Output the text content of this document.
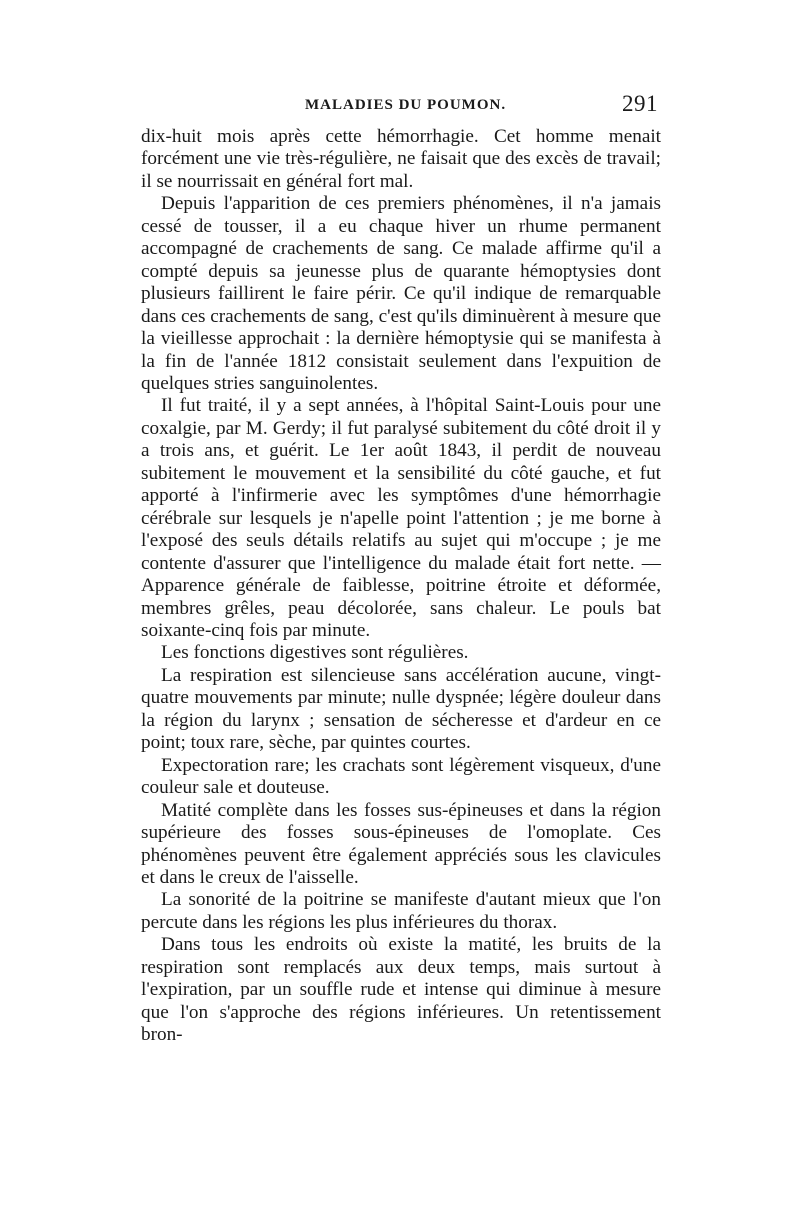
MALADIES DU POUMON.	291

dix-huit mois après cette hémorrhagie. Cet homme menait forcément une vie très-régulière, ne faisait que des excès de travail; il se nourrissait en général fort mal.

Depuis l'apparition de ces premiers phénomènes, il n'a jamais cessé de tousser, il a eu chaque hiver un rhume permanent accompagné de crachements de sang. Ce malade affirme qu'il a compté depuis sa jeunesse plus de quarante hémoptysies dont plusieurs faillirent le faire périr. Ce qu'il indique de remarquable dans ces crachements de sang, c'est qu'ils diminuèrent à mesure que la vieillesse approchait : la dernière hémoptysie qui se manifesta à la fin de l'année 1812 consistait seulement dans l'expuition de quelques stries sanguinolentes.

Il fut traité, il y a sept années, à l'hôpital Saint-Louis pour une coxalgie, par M. Gerdy; il fut paralysé subitement du côté droit il y a trois ans, et guérit. Le 1er août 1843, il perdit de nouveau subitement le mouvement et la sensibilité du côté gauche, et fut apporté à l'infirmerie avec les symptômes d'une hémorrhagie cérébrale sur lesquels je n'apelle point l'attention ; je me borne à l'exposé des seuls détails relatifs au sujet qui m'occupe ; je me contente d'assurer que l'intelligence du malade était fort nette. — Apparence générale de faiblesse, poitrine étroite et déformée, membres grêles, peau décolorée, sans chaleur. Le pouls bat soixante-cinq fois par minute.

Les fonctions digestives sont régulières.

La respiration est silencieuse sans accélération aucune, vingt-quatre mouvements par minute; nulle dyspnée; légère douleur dans la région du larynx ; sensation de sécheresse et d'ardeur en ce point; toux rare, sèche, par quintes courtes.

Expectoration rare; les crachats sont légèrement visqueux, d'une couleur sale et douteuse.

Matité complète dans les fosses sus-épineuses et dans la région supérieure des fosses sous-épineuses de l'omoplate. Ces phénomènes peuvent être également appréciés sous les clavicules et dans le creux de l'aisselle.

La sonorité de la poitrine se manifeste d'autant mieux que l'on percute dans les régions les plus inférieures du thorax.

Dans tous les endroits où existe la matité, les bruits de la respiration sont remplacés aux deux temps, mais surtout à l'expiration, par un souffle rude et intense qui diminue à mesure que l'on s'approche des régions inférieures. Un retentissement bron-
